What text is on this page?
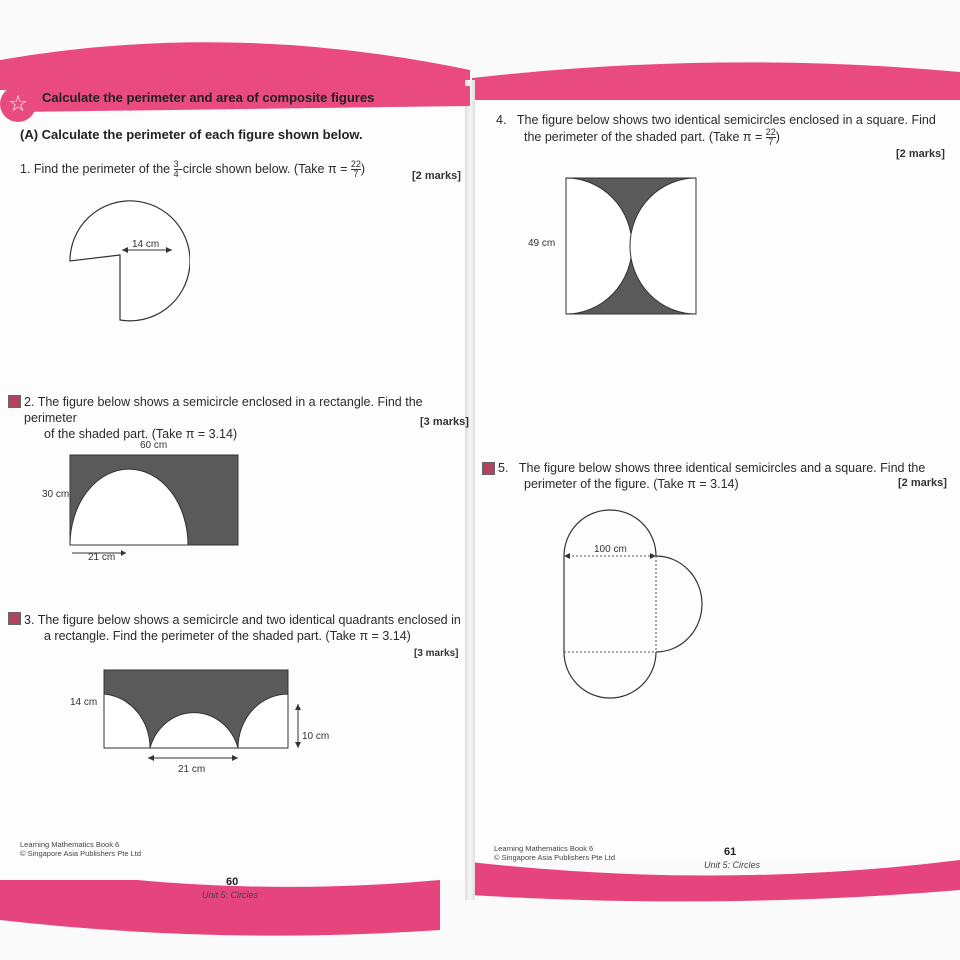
☆ Calculate the perimeter and area of composite figures
(A) Calculate the perimeter of each figure shown below.
1. Find the perimeter of the $\frac{3}{4}$ -circle shown below. (Take $\pi = \frac{22}{7}$ )
[2 marks]
14 cm
2. The figure below shows a semicircle enclosed in a rectangle. Find the perimeter
of the shaded part. (Take π = 3.14)
[3 marks]
60 cm
30 cm
21 cm
3. The figure below shows a semicircle and two identical quadrants enclosed in
a rectangle. Find the perimeter of the shaded part. (Take π = 3.14)
[3 marks]
14 cm
10 cm
21 cm
Learning Mathematics Book 6
© Singapore Asia Publishers Pte Ltd
60
Unit 5: Circles
4. The figure below shows two identical semicircles enclosed in a square. Find
the perimeter of the shaded part. (Take $\pi = \frac{22}{7}$ )
[2 marks]
49 cm
5. The figure below shows three identical semicircles and a square. Find the
perimeter of the figure. (Take π = 3.14)	[2 marks]
100 cm
Learning Mathematics Book 6
© Singapore Asia Publishers Pte Ltd	61
Unit 5: Circles
